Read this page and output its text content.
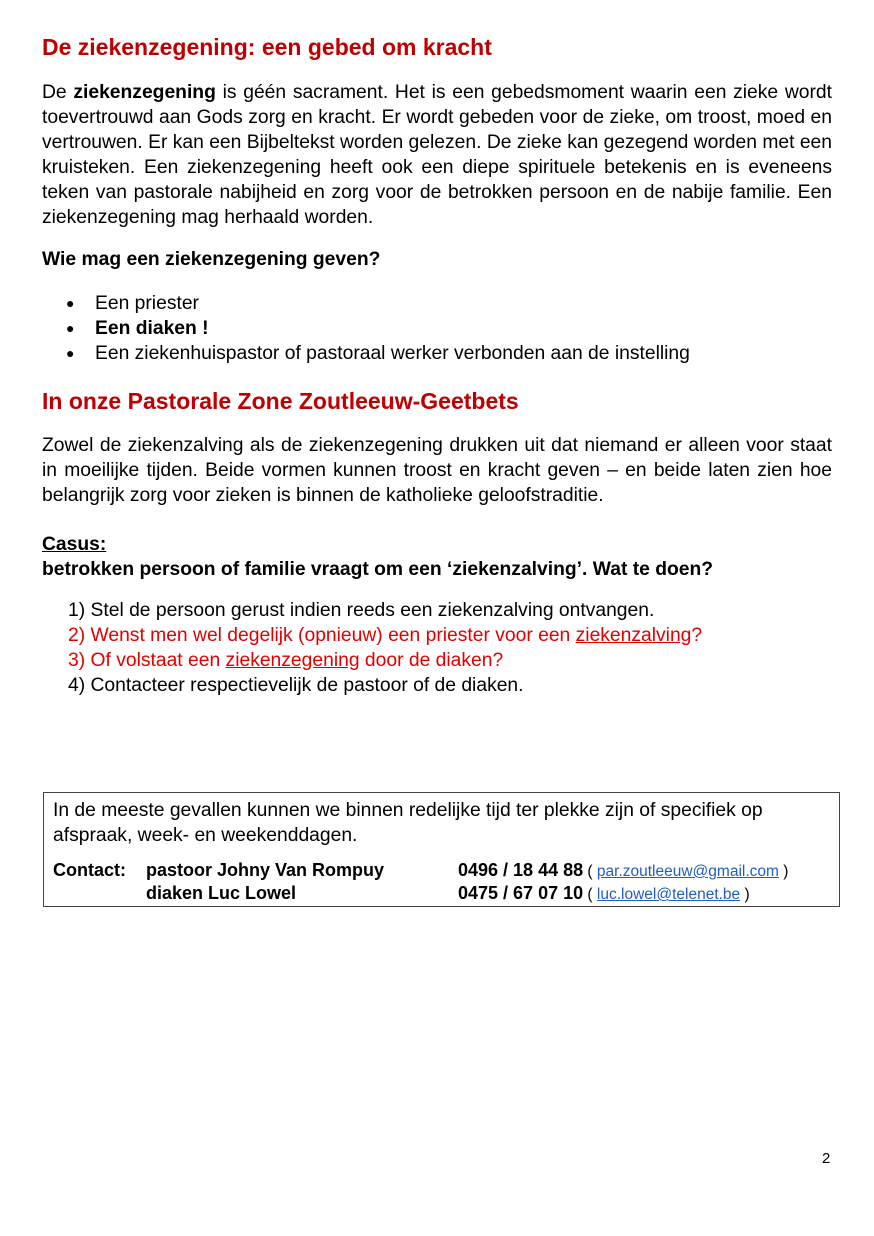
De ziekenzegening: een gebed om kracht

De ziekenzegening is géén sacrament. Het is een gebedsmoment waarin een zieke wordt toevertrouwd aan Gods zorg en kracht. Er wordt gebeden voor de zieke, om troost, moed en vertrouwen. Er kan een Bijbeltekst worden gelezen. De zieke kan gezegend worden met een kruisteken. Een ziekenzegening heeft ook een diepe spirituele betekenis en is eveneens teken van pastorale nabijheid en zorg voor de betrokken persoon en de nabije familie. Een ziekenzegening mag herhaald worden.

Wie mag een ziekenzegening geven?

● Een priester
● Een diaken !
● Een ziekenhuispastor of pastoraal werker verbonden aan de instelling
In onze Pastorale Zone Zoutleeuw-Geetbets

Zowel de ziekenzalving als de ziekenzegening drukken uit dat niemand er alleen voor staat in moeilijke tijden. Beide vormen kunnen troost en kracht geven – en beide laten zien hoe belangrijk zorg voor zieken is binnen de katholieke geloofstraditie.

Casus:
betrokken persoon of familie vraagt om een ‘ziekenzalving’. Wat te doen?

1) Stel de persoon gerust indien reeds een ziekenzalving ontvangen.
2) Wenst men wel degelijk (opnieuw) een priester voor een ziekenzalving?
3) Of volstaat een ziekenzegening door de diaken?
4) Contacteer respectievelijk de pastoor of de diaken.

In de meeste gevallen kunnen we binnen redelijke tijd ter plekke zijn of specifiek op afspraak, week- en weekenddagen.

Contact: pastoor Johny Van Rompuy	0496 / 18 44 88 ( par.zoutleeuw@gmail.com )
diaken Luc Lowel	0475 / 67 07 10 ( luc.lowel@telenet.be )
2
